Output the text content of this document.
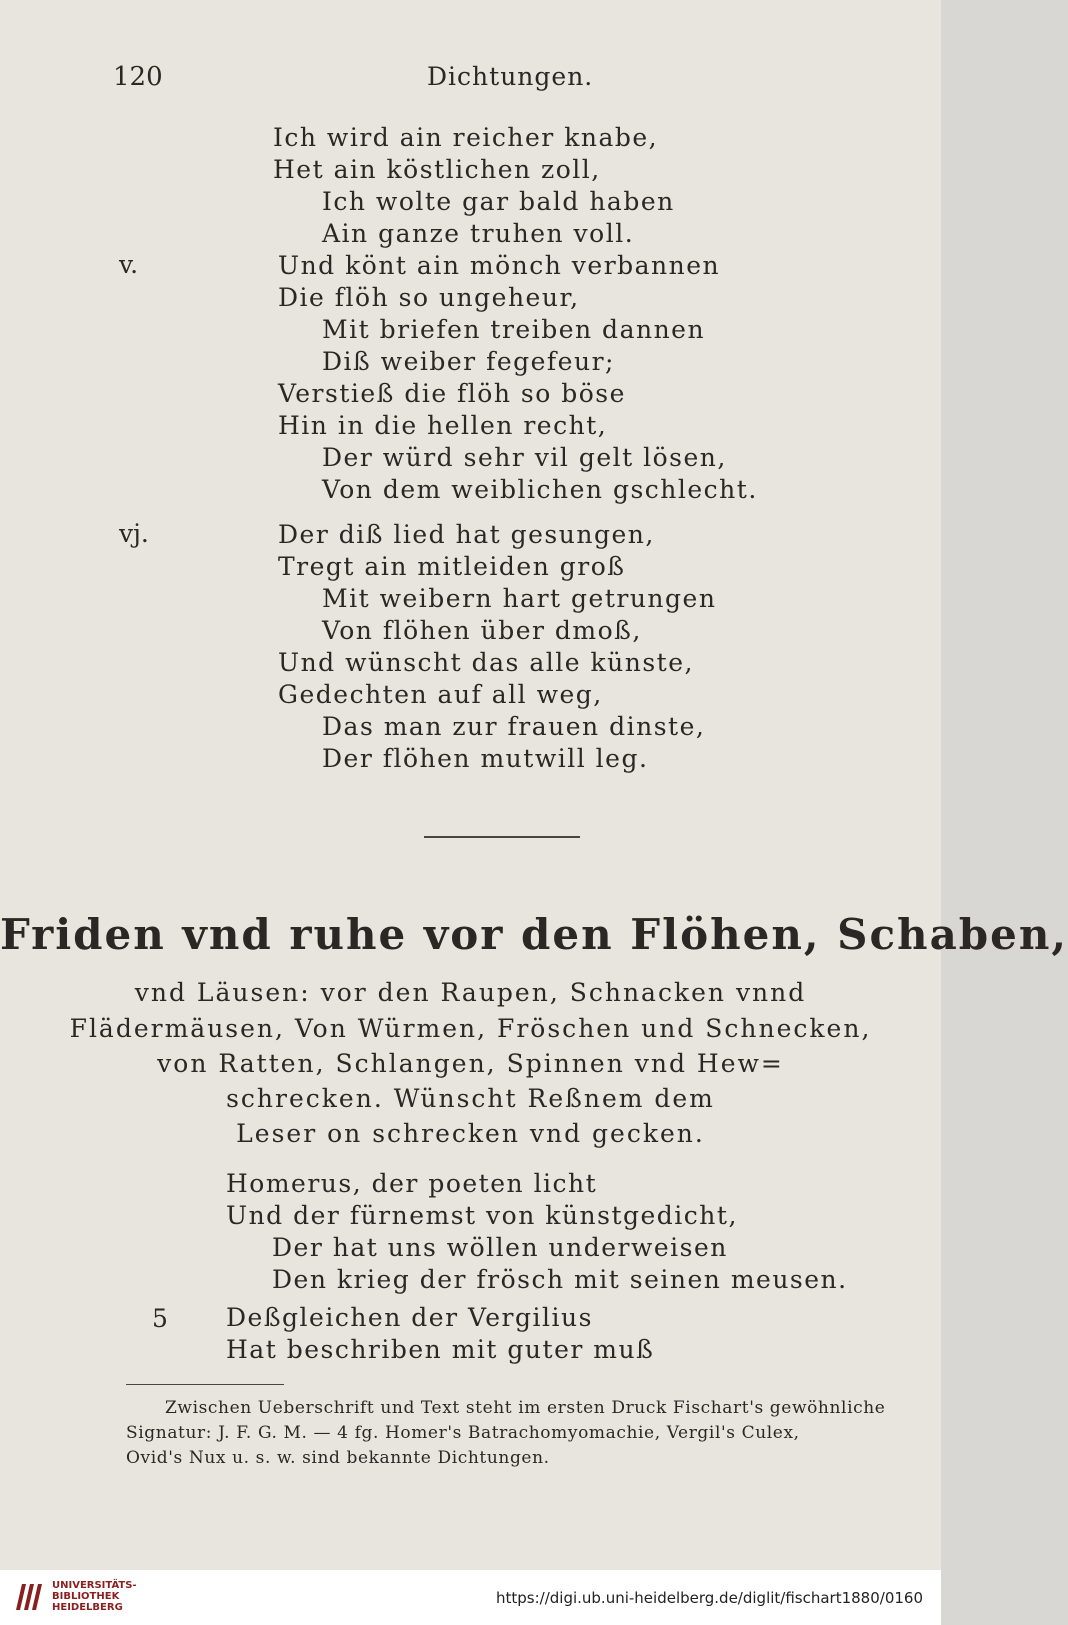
120	Dichtungen.
Ich wird ain reicher knabe,
Het ain köstlichen zoll,
Ich wolte gar bald haben
Ain ganze truhen voll.
v.	Und könt ain mönch verbannen
Die flöh so ungeheur,
Mit briefen treiben dannen
Diß weiber fegefeur;
Verstieß die flöh so böse
Hin in die hellen recht,
Der würd sehr vil gelt lösen,
Von dem weiblichen gschlecht.
vj.	Der diß lied hat gesungen,
Tregt ain mitleiden groß
Mit weibern hart getrungen
Von flöhen über dmoß,
Und wünscht das alle künste,
Gedechten auf all weg,
Das man zur frauen dinste,
Der flöhen mutwill leg.
Friden vnd ruhe vor den Flöhen, Schaben,
vnd Läusen: vor den Raupen, Schnacken vnnd
Flädermäusen, Von Würmen, Fröschen und Schnecken,
von Ratten, Schlangen, Spinnen vnd Hew=
schrecken. Wünscht Reßnem dem
Leser on schrecken vnd gecken.
Homerus, der poeten licht
Und der fürnemst von künstgedicht,
Der hat uns wöllen underweisen
Den krieg der frösch mit seinen meusen.
5 Deßgleichen der Vergilius
Hat beschriben mit guter muß
Zwischen Ueberschrift und Text steht im ersten Druck Fischart's gewöhnliche
Signatur: J. F. G. M. — 4 fg. Homer's Batrachomyomachie, Vergil's Culex,
Ovid's Nux u. s. w. sind bekannte Dichtungen.
UNIVERSITÄTS-
BIBLIOTHEK
HEIDELBERG
https://digi.ub.uni-heidelberg.de/diglit/fischart1880/0160
